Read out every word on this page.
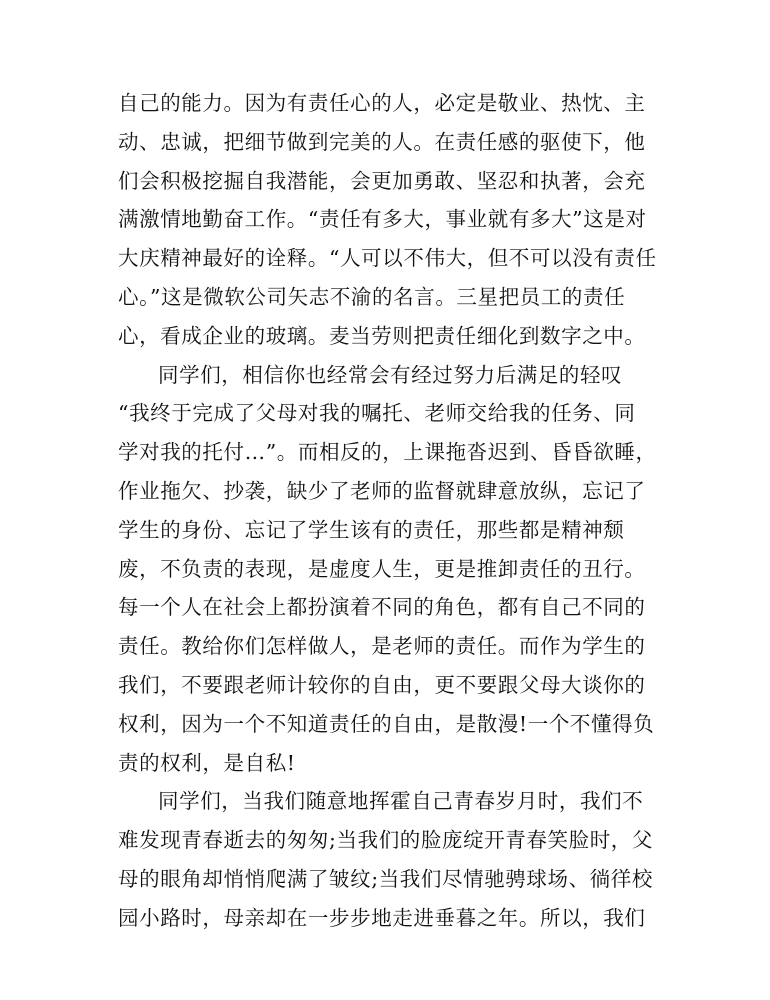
自己的能力。因为有责任心的人，必定是敬业、热忱、主
动、忠诚，把细节做到完美的人。在责任感的驱使下，他
们会积极挖掘自我潜能，会更加勇敢、坚忍和执著，会充
满激情地勤奋工作。“责任有多大，事业就有多大”这是对
大庆精神最好的诠释。“人可以不伟大，但不可以没有责任
心。”这是微软公司矢志不渝的名言。三星把员工的责任
心，看成企业的玻璃。麦当劳则把责任细化到数字之中。
同学们，相信你也经常会有经过努力后满足的轻叹
“我终于完成了父母对我的嘱托、老师交给我的任务、同
学对我的托付…”。而相反的，上课拖沓迟到、昏昏欲睡，
作业拖欠、抄袭，缺少了老师的监督就肆意放纵，忘记了
学生的身份、忘记了学生该有的责任，那些都是精神颓
废，不负责的表现，是虚度人生，更是推卸责任的丑行。
每一个人在社会上都扮演着不同的角色，都有自己不同的
责任。教给你们怎样做人，是老师的责任。而作为学生的
我们，不要跟老师计较你的自由，更不要跟父母大谈你的
权利，因为一个不知道责任的自由，是散漫!一个不懂得负
责的权利，是自私!
同学们，当我们随意地挥霍自己青春岁月时，我们不
难发现青春逝去的匆匆;当我们的脸庞绽开青春笑脸时，父
母的眼角却悄悄爬满了皱纹;当我们尽情驰骋球场、徜徉校
园小路时，母亲却在一步步地走进垂暮之年。所以，我们
